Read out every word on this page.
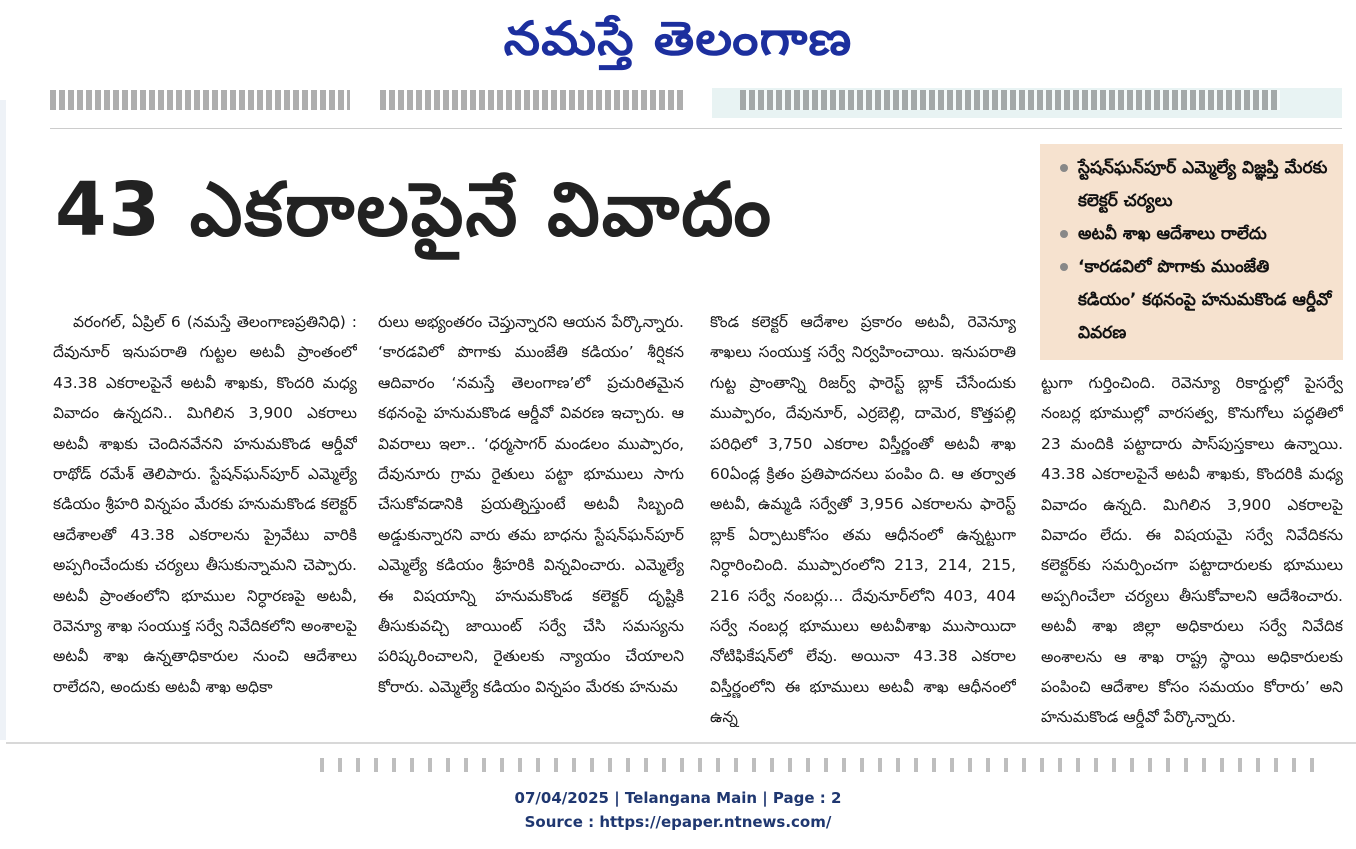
నమస్తే తెలంగాణ
43 ఎకరాలపైనే వివాదం	స్టేషన్‌ఘన్‌పూర్ ఎమ్మెల్యే విజ్ఞప్తి మేరకు కలెక్టర్ చర్యలు
అటవీ శాఖ ఆదేశాలు రాలేదు
‘కారడవిలో పొగాకు ముంజేతి కడియం’ కథనంపై హనుమకొండ ఆర్డీవో వివరణ

వరంగల్, ఏప్రిల్ 6 (నమస్తే తెలంగాణప్రతినిధి) : దేవునూర్ ఇనుపరాతి గుట్టల అటవీ ప్రాంతంలో 43.38 ఎకరాలపైనే అటవీ శాఖకు, కొందరి మధ్య వివాదం ఉన్నదని.. మిగిలిన 3,900 ఎకరాలు అటవీ శాఖకు చెందినవేనని హనుమకొండ ఆర్డీవో రాథోడ్ రమేశ్ తెలిపారు. స్టేషన్‌ఘన్‌పూర్ ఎమ్మెల్యే కడియం శ్రీహరి విన్నపం మేరకు హనుమకొండ కలెక్టర్ ఆదేశాలతో 43.38 ఎకరాలను ప్రైవేటు వారికి అప్పగించేందుకు చర్యలు తీసుకున్నామని చెప్పారు. అటవీ ప్రాంతంలోని భూముల నిర్ధారణపై అటవీ, రెవెన్యూ శాఖ సంయుక్త సర్వే నివేదికలోని అంశాలపై అటవీ శాఖ ఉన్నతాధికారుల నుంచి ఆదేశాలు రాలేదని, అందుకు అటవీ శాఖ అధికా

రులు అభ్యంతరం చెప్తున్నారని ఆయన పేర్కొన్నారు. ‘కారడవిలో పొగాకు ముంజేతి కడియం’ శీర్షికన ఆదివారం ‘నమస్తే తెలంగాణ’లో ప్రచురితమైన కథనంపై హనుమకొండ ఆర్డీవో వివరణ ఇచ్చారు. ఆ వివరాలు ఇలా.. ‘ధర్మసాగర్ మండలం ముప్పారం, దేవునూరు గ్రామ రైతులు పట్టా భూములు సాగు చేసుకోవడానికి ప్రయత్నిస్తుంటే అటవీ సిబ్బంది అడ్డుకున్నారని వారు తమ బాధను స్టేషన్‌ఘన్‌పూర్ ఎమ్మెల్యే కడియం శ్రీహరికి విన్నవించారు. ఎమ్మెల్యే ఈ విషయాన్ని హనుమకొండ కలెక్టర్ దృష్టికి తీసుకువచ్చి జాయింట్ సర్వే చేసి సమస్యను పరిష్కరించాలని, రైతులకు న్యాయం చేయాలని కోరారు. ఎమ్మెల్యే కడియం విన్నపం మేరకు హనుమ

కొండ కలెక్టర్ ఆదేశాల ప్రకారం అటవీ, రెవెన్యూ శాఖలు సంయుక్త సర్వే నిర్వహించాయి. ఇనుపరాతి గుట్ట ప్రాంతాన్ని రిజర్వ్ ఫారెస్ట్ బ్లాక్ చేసేందుకు ముప్పారం, దేవునూర్, ఎర్రబెల్లి, దామెర, కొత్తపల్లి పరిధిలో 3,750 ఎకరాల విస్తీర్ణంతో అటవీ శాఖ 60ఏండ్ల క్రితం ప్రతిపాదనలు పంపిం ది. ఆ తర్వాత అటవీ, ఉమ్మడి సర్వేతో 3,956 ఎకరాలను ఫారెస్ట్ బ్లాక్ ఏర్పాటుకోసం తమ ఆధీనంలో ఉన్నట్టుగా నిర్ధారించింది. ముప్పారంలోని 213, 214, 215, 216 సర్వే నంబర్లు... దేవునూర్‌లోని 403, 404 సర్వే నంబర్ల భూములు అటవీశాఖ ముసాయిదా నోటిఫికేషన్‌లో లేవు. అయినా 43.38 ఎకరాల విస్తీర్ణంలోని ఈ భూములు అటవీ శాఖ ఆధీనంలో ఉన్న

ట్టుగా గుర్తించింది. రెవెన్యూ రికార్డుల్లో పైసర్వే నంబర్ల భూముల్లో వారసత్వ, కొనుగోలు పద్ధతిలో 23 మందికి పట్టాదారు పాస్‌పుస్తకాలు ఉన్నాయి. 43.38 ఎకరాలపైనే అటవీ శాఖకు, కొందరికి మధ్య వివాదం ఉన్నది. మిగిలిన 3,900 ఎకరాలపై వివాదం లేదు. ఈ విషయమై సర్వే నివేదికను కలెక్టర్‌కు సమర్పించగా పట్టాదారులకు భూములు అప్పగించేలా చర్యలు తీసుకోవాలని ఆదేశించారు. అటవీ శాఖ జిల్లా అధికారులు సర్వే నివేదిక అంశాలను ఆ శాఖ రాష్ట్ర స్థాయి అధికారులకు పంపించి ఆదేశాల కోసం సమయం కోరారు’ అని హనుమకొండ ఆర్డీవో పేర్కొన్నారు.

07/04/2025 | Telangana Main | Page : 2
Source : https://epaper.ntnews.com/
